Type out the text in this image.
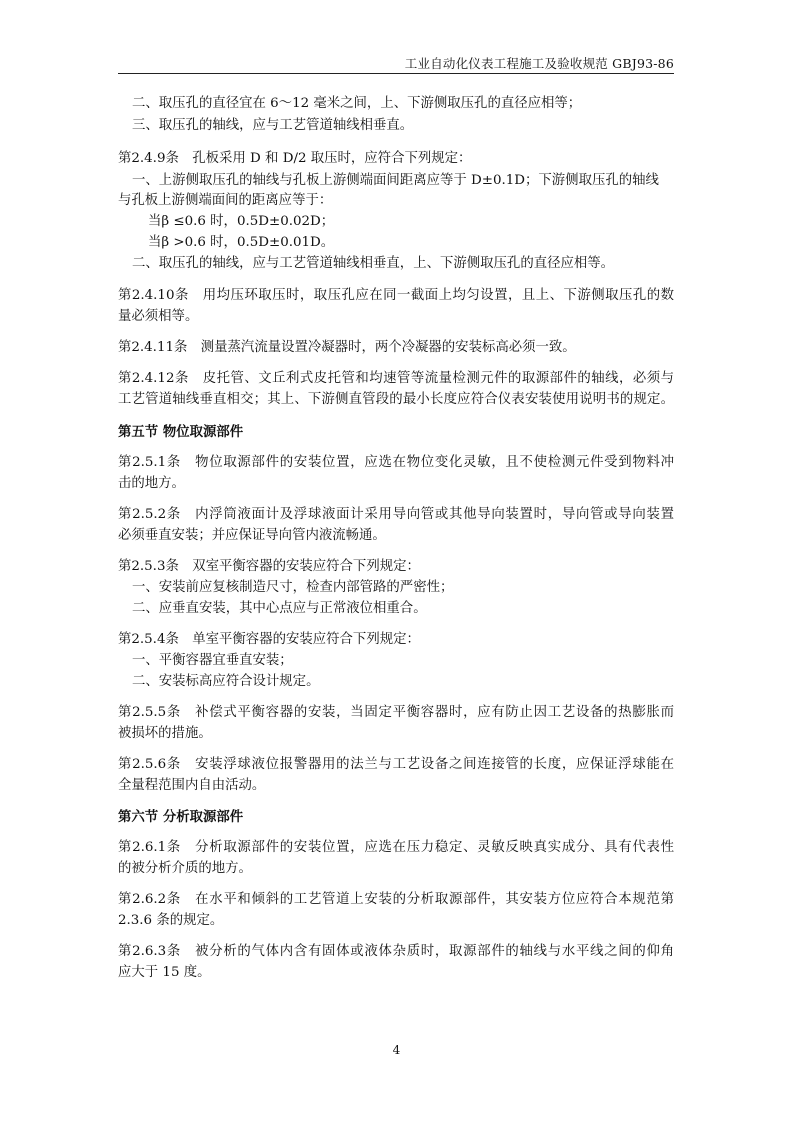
工业自动化仪表工程施工及验收规范 GBJ93-86
二、取压孔的直径宜在 6～12 毫米之间，上、下游侧取压孔的直径应相等；
三、取压孔的轴线，应与工艺管道轴线相垂直。
第2.4.9条　孔板采用 D 和 D/2 取压时，应符合下列规定：
一、上游侧取压孔的轴线与孔板上游侧端面间距离应等于 D±0.1D；下游侧取压孔的轴线
与孔板上游侧端面间的距离应等于：
当β ≤0.6 时，0.5D±0.02D；
当β >0.6 时，0.5D±0.01D。
二、取压孔的轴线，应与工艺管道轴线相垂直，上、下游侧取压孔的直径应相等。
第2.4.10条　用均压环取压时，取压孔应在同一截面上均匀设置，且上、下游侧取压孔的数
量必须相等。
第2.4.11条　测量蒸汽流量设置冷凝器时，两个冷凝器的安装标高必须一致。
第2.4.12条　皮托管、文丘利式皮托管和均速管等流量检测元件的取源部件的轴线，必须与
工艺管道轴线垂直相交；其上、下游侧直管段的最小长度应符合仪表安装使用说明书的规定。
第五节 物位取源部件
第2.5.1条　物位取源部件的安装位置，应选在物位变化灵敏，且不使检测元件受到物料冲
击的地方。
第2.5.2条　内浮筒液面计及浮球液面计采用导向管或其他导向装置时，导向管或导向装置
必须垂直安装；并应保证导向管内液流畅通。
第2.5.3条　双室平衡容器的安装应符合下列规定：
一、安装前应复核制造尺寸，检查内部管路的严密性；
二、应垂直安装，其中心点应与正常液位相重合。
第2.5.4条　单室平衡容器的安装应符合下列规定：
一、平衡容器宜垂直安装；
二、安装标高应符合设计规定。
第2.5.5条　补偿式平衡容器的安装，当固定平衡容器时，应有防止因工艺设备的热膨胀而
被损坏的措施。
第2.5.6条　安装浮球液位报警器用的法兰与工艺设备之间连接管的长度，应保证浮球能在
全量程范围内自由活动。
第六节 分析取源部件
第2.6.1条　分析取源部件的安装位置，应选在压力稳定、灵敏反映真实成分、具有代表性
的被分析介质的地方。
第2.6.2条　在水平和倾斜的工艺管道上安装的分析取源部件，其安装方位应符合本规范第
2.3.6 条的规定。
第2.6.3条　被分析的气体内含有固体或液体杂质时，取源部件的轴线与水平线之间的仰角
应大于 15 度。
4
